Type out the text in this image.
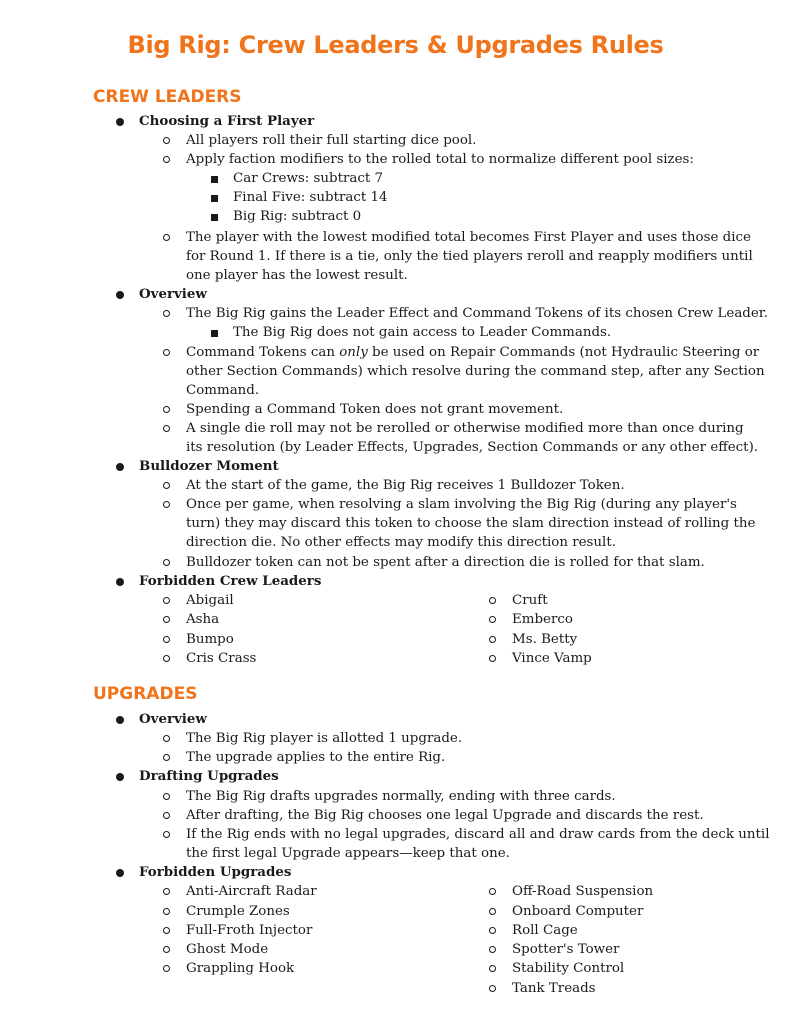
Big Rig: Crew Leaders & Upgrades Rules
CREW LEADERS
Choosing a First Player
All players roll their full starting dice pool.
Apply faction modifiers to the rolled total to normalize different pool sizes:
Car Crews: subtract 7
Final Five: subtract 14
Big Rig: subtract 0
The player with the lowest modified total becomes First Player and uses those dice
for Round 1. If there is a tie, only the tied players reroll and reapply modifiers until
one player has the lowest result.
Overview
The Big Rig gains the Leader Effect and Command Tokens of its chosen Crew Leader.
The Big Rig does not gain access to Leader Commands.
Command Tokens can only be used on Repair Commands (not Hydraulic Steering or
other Section Commands) which resolve during the command step, after any Section
Command.
Spending a Command Token does not grant movement.
A single die roll may not be rerolled or otherwise modified more than once during
its resolution (by Leader Effects, Upgrades, Section Commands or any other effect).
Bulldozer Moment
At the start of the game, the Big Rig receives 1 Bulldozer Token.
Once per game, when resolving a slam involving the Big Rig (during any player's
turn) they may discard this token to choose the slam direction instead of rolling the
direction die. No other effects may modify this direction result.
Bulldozer token can not be spent after a direction die is rolled for that slam.
Forbidden Crew Leaders
Abigail
Asha
Bumpo
Cris Crass
Cruft
Emberco
Ms. Betty
Vince Vamp
UPGRADES
Overview
The Big Rig player is allotted 1 upgrade.
The upgrade applies to the entire Rig.
Drafting Upgrades
The Big Rig drafts upgrades normally, ending with three cards.
After drafting, the Big Rig chooses one legal Upgrade and discards the rest.
If the Rig ends with no legal upgrades, discard all and draw cards from the deck until
the first legal Upgrade appears—keep that one.
Forbidden Upgrades
Anti-Aircraft Radar
Crumple Zones
Full-Froth Injector
Ghost Mode
Grappling Hook
Off-Road Suspension
Onboard Computer
Roll Cage
Spotter's Tower
Stability Control
Tank Treads
